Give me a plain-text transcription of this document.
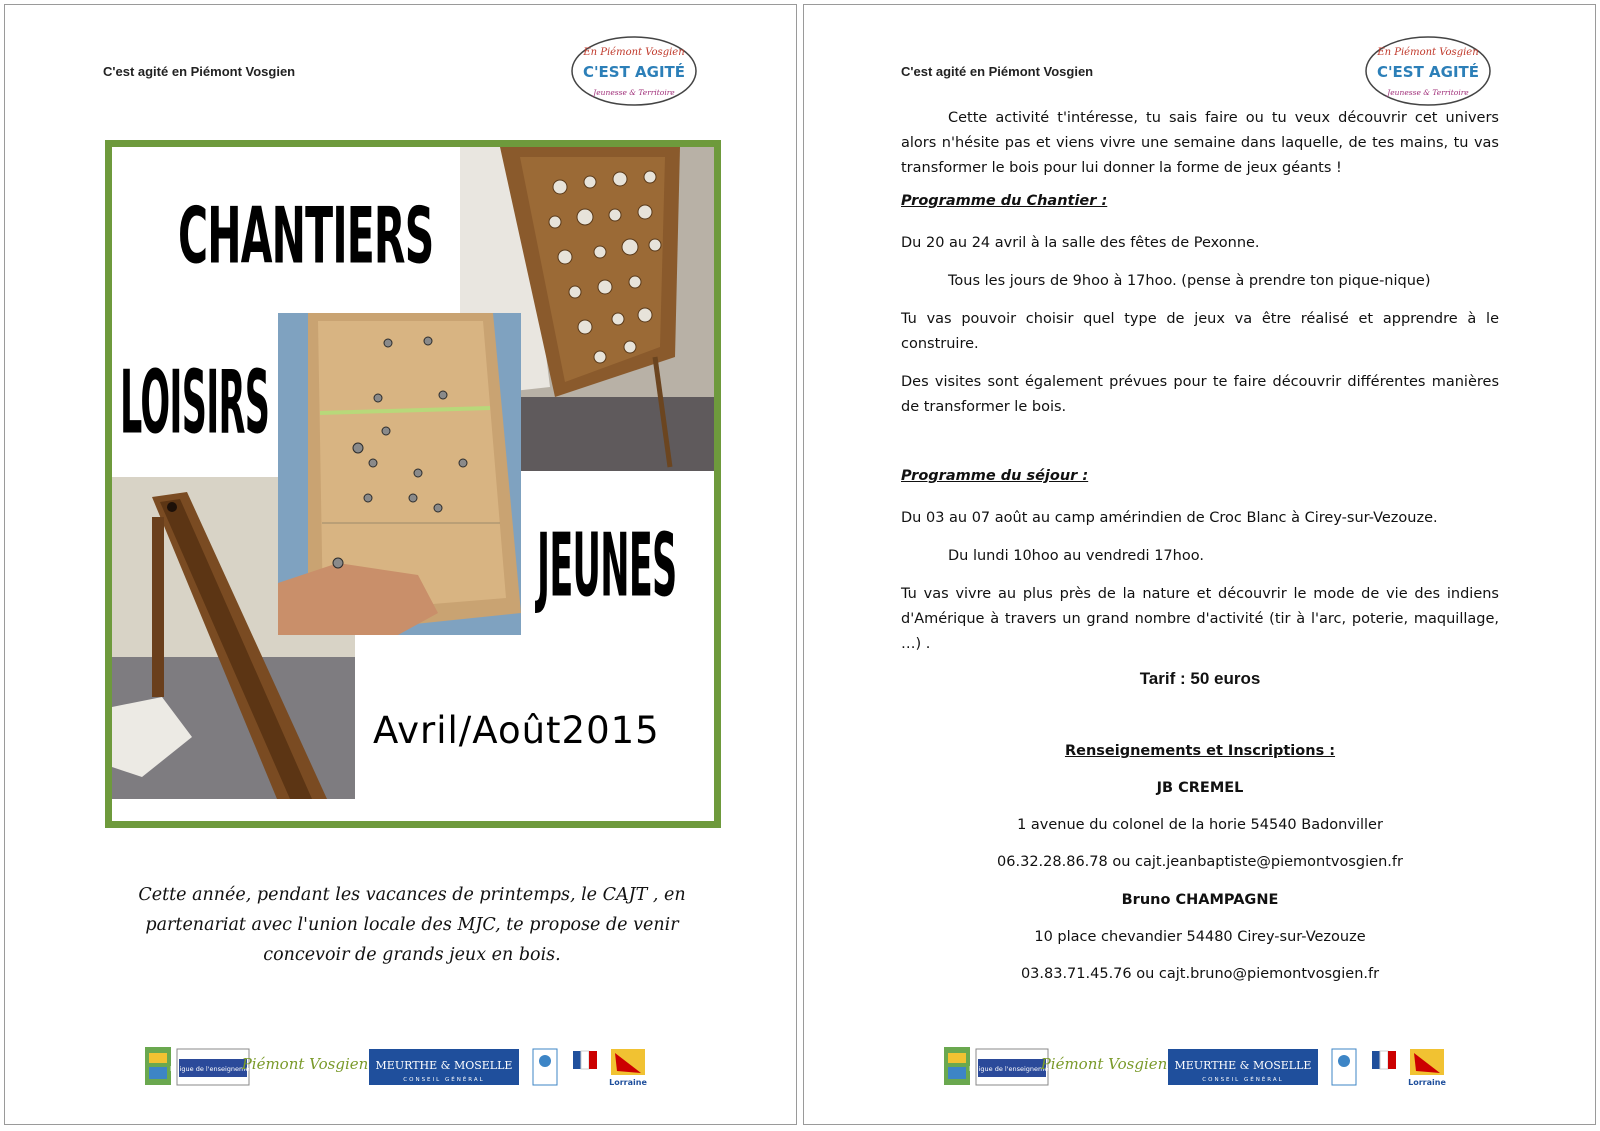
C'est agité en Piémont Vosgien
En Piémont Vosgien
C'EST AGITÉ
Jeunesse & Territoire
CHANTIERS
LOISIRS
JEUNES
Avril/Août2015
Cette année, pendant les vacances de printemps, le CAJT , en
partenariat avec l'union locale des MJC, te propose de venir
concevoir de grands jeux en bois.
la ligue de l'enseignement
Piémont Vosgien MEURTHE & MOSELLE
CONSEIL GÉNÉRAL	Lorraine
C'est agité en Piémont Vosgien
En Piémont Vosgien
C'EST AGITÉ
Jeunesse & Territoire
Cette activité t'intéresse, tu sais faire ou tu veux découvrir cet univers alors n'hésite pas et viens vivre une semaine dans laquelle, de tes mains, tu vas transformer le bois pour lui donner la forme de jeux géants !
Programme du Chantier :
Du 20 au 24 avril à la salle des fêtes de Pexonne.
Tous les jours de 9hoo à 17hoo. (pense à prendre ton pique-nique)
Tu vas pouvoir choisir quel type de jeux va être réalisé et apprendre à le construire.
Des visites sont également prévues pour te faire découvrir différentes manières de transformer le bois.
Programme du séjour :
Du 03 au 07 août au camp amérindien de Croc Blanc à Cirey-sur-Vezouze.
Du lundi 10hoo au vendredi 17hoo.
Tu vas vivre au plus près de la nature et découvrir le mode de vie des indiens d'Amérique à travers un grand nombre d'activité (tir à l'arc, poterie, maquillage, …) .
Tarif : 50 euros
Renseignements et Inscriptions :
JB CREMEL
1 avenue du colonel de la horie 54540 Badonviller
06.32.28.86.78 ou cajt.jeanbaptiste@piemontvosgien.fr
Bruno CHAMPAGNE
10 place chevandier 54480 Cirey-sur-Vezouze
03.83.71.45.76 ou cajt.bruno@piemontvosgien.fr
la ligue de l'enseignement
Piémont Vosgien MEURTHE & MOSELLE
CONSEIL GÉNÉRAL	Lorraine
